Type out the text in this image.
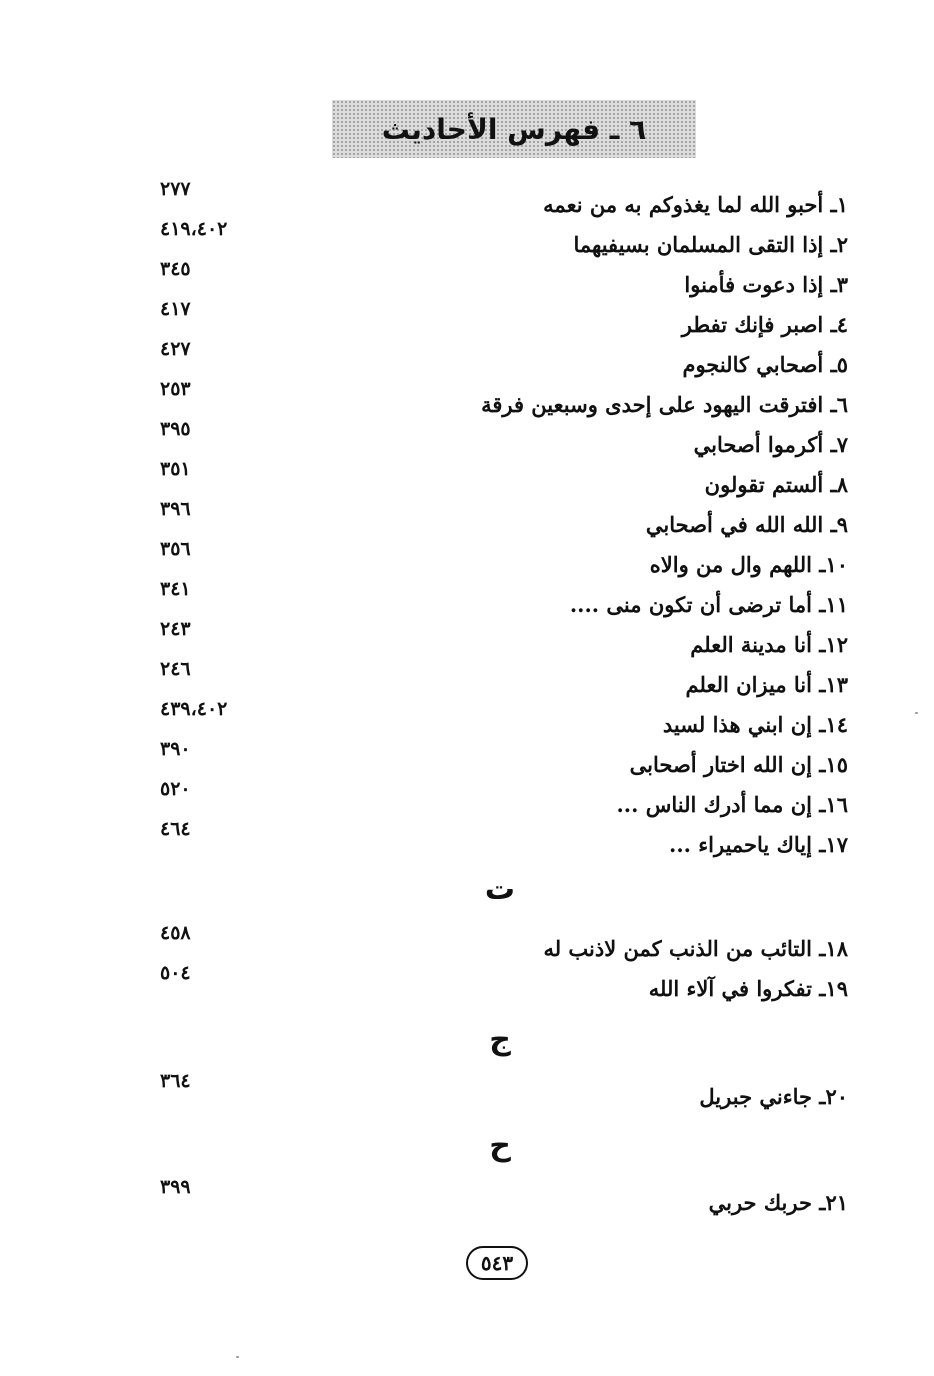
٦ ـ فهرس الأحاديث
١ـ أحبو الله لما يغذوكم به من نعمه
٢٧٧
٢ـ إذا التقى المسلمان بسيفيهما
٤١٩،٤٠٢
٣ـ إذا دعوت فأمنوا
٣٤٥
٤ـ اصبر فإنك تفطر
٤١٧
٥ـ أصحابي كالنجوم
٤٢٧
٦ـ افترقت اليهود على إحدى وسبعين فرقة
٢٥٣
٧ـ أكرموا أصحابي
٣٩٥
٨ـ ألستم تقولون
٣٥١
٩ـ الله الله في أصحابي
٣٩٦
١٠ـ اللهم وال من والاه
٣٥٦
١١ـ أما ترضى أن تكون منى ....
٣٤١
١٢ـ أنا مدينة العلم
٢٤٣
١٣ـ أنا ميزان العلم
٢٤٦
١٤ـ إن ابني هذا لسيد
٤٣٩،٤٠٢
١٥ـ إن الله اختار أصحابى
٣٩٠
١٦ـ إن مما أدرك الناس ...
٥٢٠
١٧ـ إياك ياحميراء ...
٤٦٤
ت
١٨ـ التائب من الذنب كمن لاذنب له
٤٥٨
١٩ـ تفكروا في آلاء الله
٥٠٤
ج
٢٠ـ جاءني جبريل
٣٦٤
ح
٢١ـ حربك حربي
٣٩٩
٥٤٣
